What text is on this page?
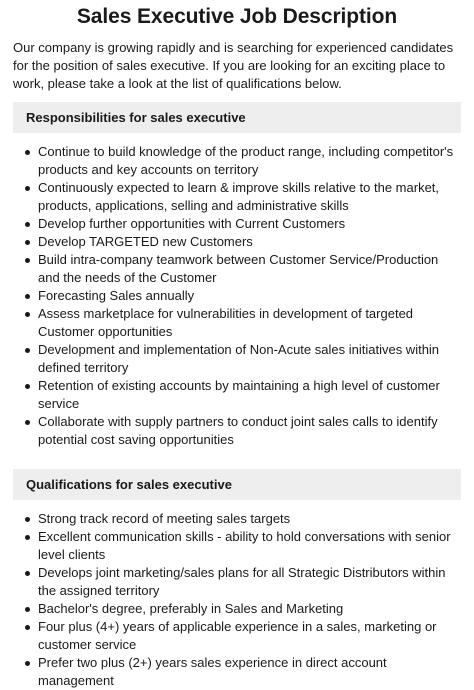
Sales Executive Job Description

Our company is growing rapidly and is searching for experienced candidates for the position of sales executive. If you are looking for an exciting place to work, please take a look at the list of qualifications below.

Responsibilities for sales executive
Continue to build knowledge of the product range, including competitor's products and key accounts on territory
Continuously expected to learn & improve skills relative to the market, products, applications, selling and administrative skills
Develop further opportunities with Current Customers
Develop TARGETED new Customers
Build intra-company teamwork between Customer Service/Production and the needs of the Customer
Forecasting Sales annually
Assess marketplace for vulnerabilities in development of targeted Customer opportunities
Development and implementation of Non-Acute sales initiatives within defined territory
Retention of existing accounts by maintaining a high level of customer service
Collaborate with supply partners to conduct joint sales calls to identify potential cost saving opportunities
Qualifications for sales executive
Strong track record of meeting sales targets
Excellent communication skills - ability to hold conversations with senior level clients
Develops joint marketing/sales plans for all Strategic Distributors within the assigned territory
Bachelor's degree, preferably in Sales and Marketing
Four plus (4+) years of applicable experience in a sales, marketing or customer service
Prefer two plus (2+) years sales experience in direct account management
